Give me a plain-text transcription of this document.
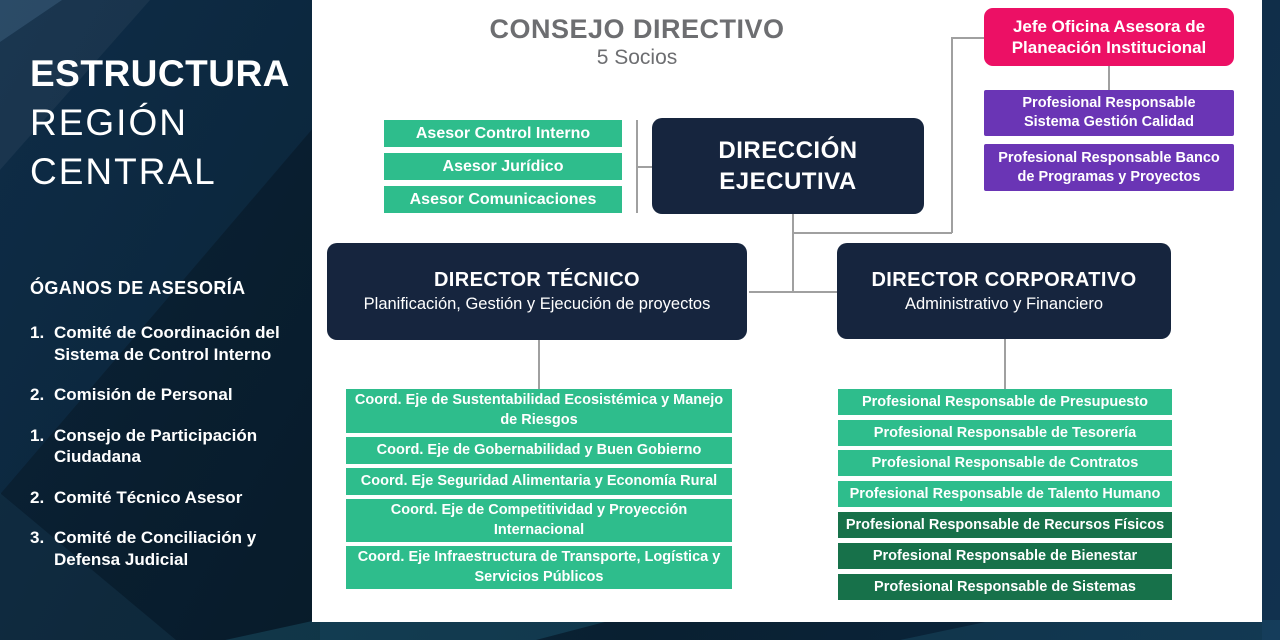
ESTRUCTURA
REGIÓN
CENTRAL
ÓGANOS DE ASESORÍA
1. Comité de Coordinación del Sistema de Control Interno
2. Comisión de Personal
1. Consejo de Participación Ciudadana
2. Comité Técnico Asesor
3. Comité de Conciliación y Defensa Judicial
CONSEJO DIRECTIVO
5 Socios
Asesor Control Interno
Asesor Jurídico
Asesor Comunicaciones
DIRECCIÓN EJECUTIVA
Jefe Oficina Asesora de Planeación Institucional
Profesional Responsable Sistema Gestión Calidad
Profesional Responsable Banco de Programas y Proyectos
DIRECTOR TÉCNICO
Planificación, Gestión y Ejecución de proyectos
DIRECTOR CORPORATIVO
Administrativo y Financiero
Coord. Eje de Sustentabilidad Ecosistémica y Manejo de Riesgos
Coord. Eje de Gobernabilidad y Buen Gobierno
Coord. Eje Seguridad Alimentaria y Economía Rural
Coord. Eje de Competitividad y Proyección Internacional
Coord. Eje Infraestructura de Transporte, Logística y Servicios Públicos
Profesional Responsable de Presupuesto
Profesional Responsable de Tesorería
Profesional Responsable de Contratos
Profesional Responsable de Talento Humano
Profesional Responsable de Recursos Físicos
Profesional Responsable de Bienestar
Profesional Responsable de Sistemas
